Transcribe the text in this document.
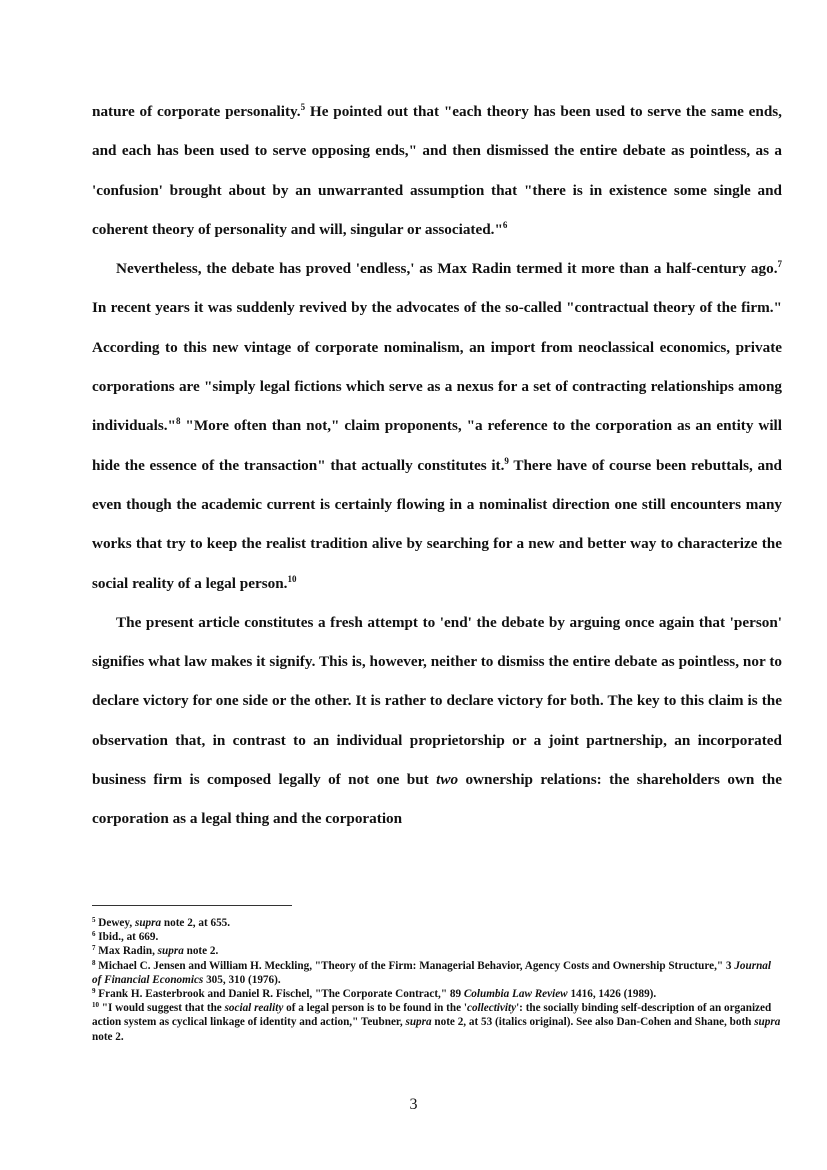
nature of corporate personality.$^5$ He pointed out that "each theory has been used to serve the same ends, and each has been used to serve opposing ends," and then dismissed the entire debate as pointless, as a 'confusion' brought about by an unwarranted assumption that "there is in existence some single and coherent theory of personality and will, singular or associated."$^6$

Nevertheless, the debate has proved 'endless,' as Max Radin termed it more than a half-century ago.$^7$ In recent years it was suddenly revived by the advocates of the so-called "contractual theory of the firm." According to this new vintage of corporate nominalism, an import from neoclassical economics, private corporations are "simply legal fictions which serve as a nexus for a set of contracting relationships among individuals."$^8$ "More often than not," claim proponents, "a reference to the corporation as an entity will hide the essence of the transaction" that actually constitutes it.$^9$ There have of course been rebuttals, and even though the academic current is certainly flowing in a nominalist direction one still encounters many works that try to keep the realist tradition alive by searching for a new and better way to characterize the social reality of a legal person.$^{10}$

The present article constitutes a fresh attempt to 'end' the debate by arguing once again that 'person' signifies what law makes it signify. This is, however, neither to dismiss the entire debate as pointless, nor to declare victory for one side or the other. It is rather to declare victory for both. The key to this claim is the observation that, in contrast to an individual proprietorship or a joint partnership, an incorporated business firm is composed legally of not one but two ownership relations: the shareholders own the corporation as a legal thing and the corporation

$^5$ Dewey, supra note 2, at 655.

$^6$ Ibid., at 669.

$^7$ Max Radin, supra note 2.

$^8$ Michael C. Jensen and William H. Meckling, "Theory of the Firm: Managerial Behavior, Agency Costs and Ownership Structure," 3 Journal of Financial Economics 305, 310 (1976).

$^9$ Frank H. Easterbrook and Daniel R. Fischel, "The Corporate Contract," 89 Columbia Law Review 1416, 1426 (1989).

$^{10}$ "I would suggest that the social reality of a legal person is to be found in the 'collectivity': the socially binding self-description of an organized action system as cyclical linkage of identity and action," Teubner, supra note 2, at 53 (italics original). See also Dan-Cohen and Shane, both supra note 2.

3
